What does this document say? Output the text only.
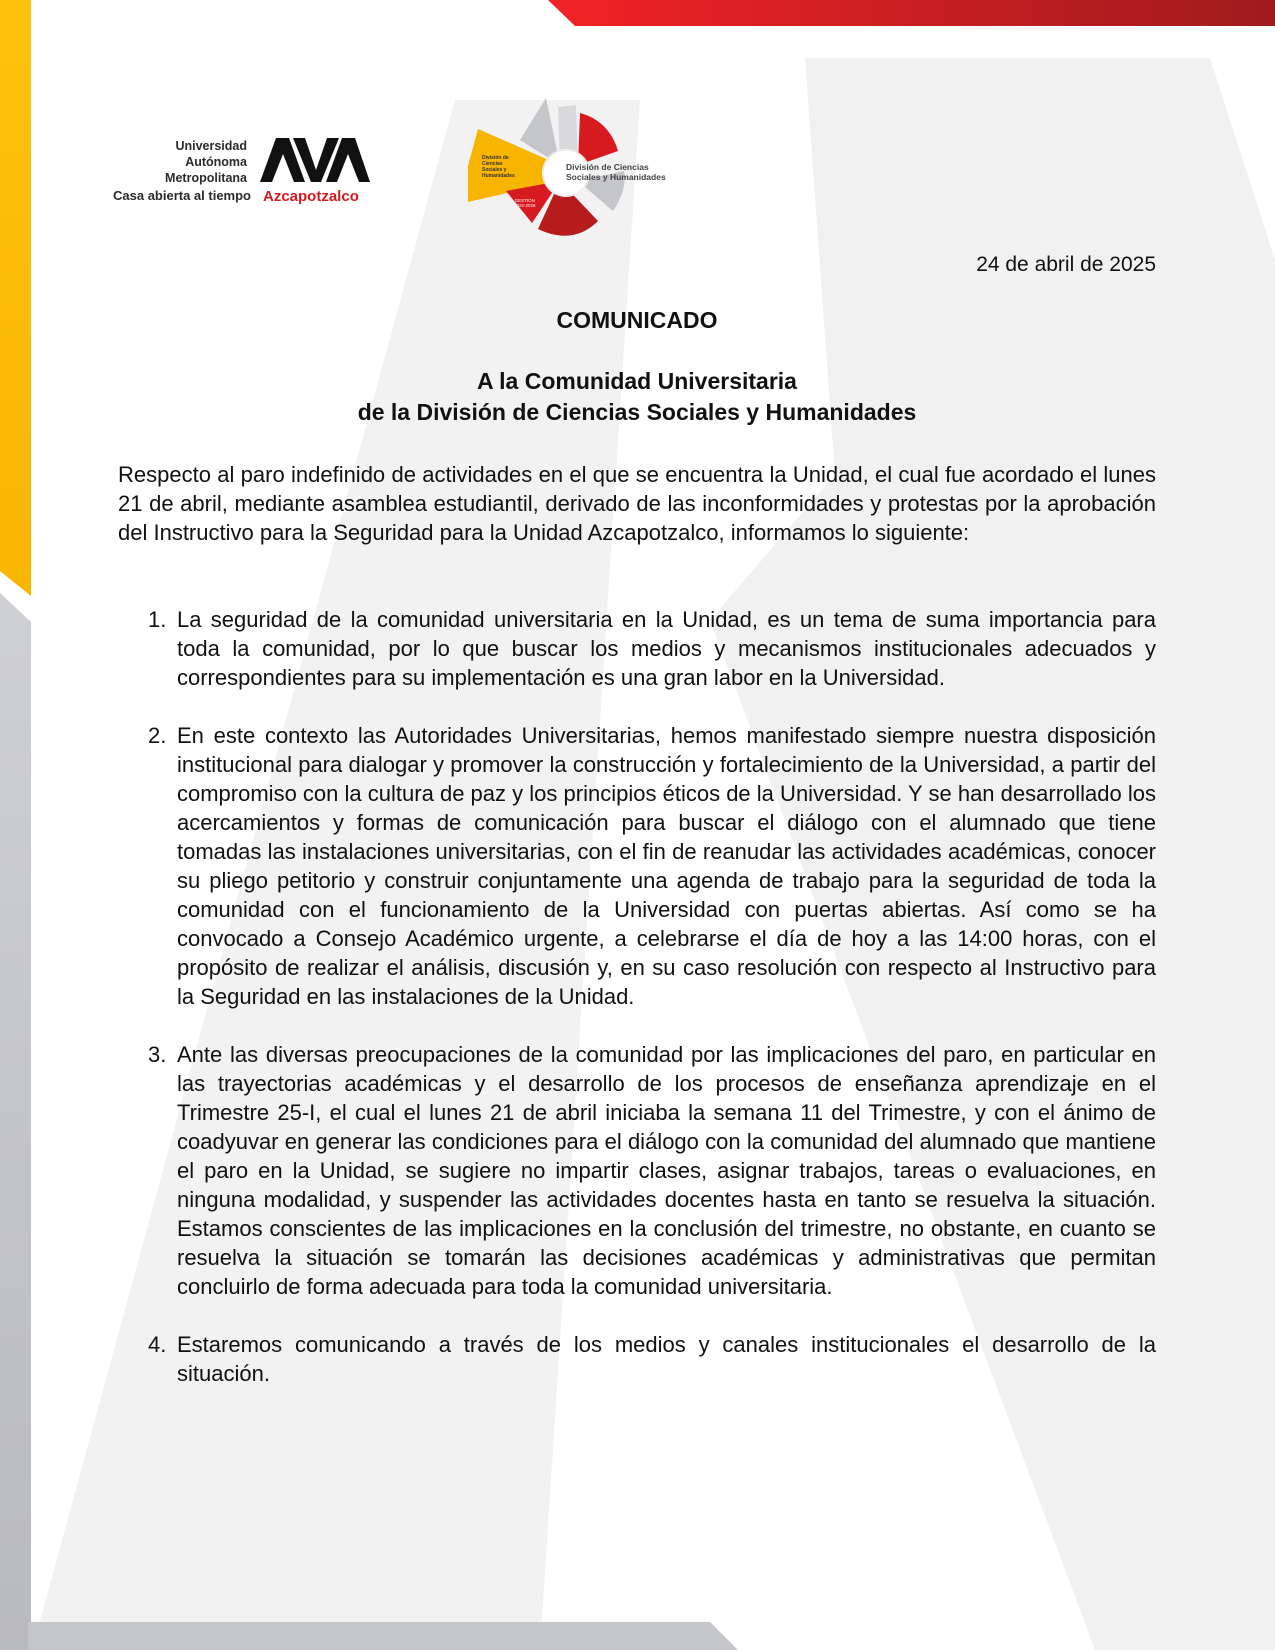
Universidad
Autónoma
Metropolitana
Casa abierta al tiempo Azcapotzalco
División de
Ciencias
Sociales y
Humanidades
GESTIÓN
2022-2026
División de Ciencias
Sociales y Humanidades
24 de abril de 2025
COMUNICADO
A la Comunidad Universitaria
de la División de Ciencias Sociales y Humanidades

Respecto al paro indefinido de actividades en el que se encuentra la Unidad, el cual fue acordado el lunes 21 de abril, mediante asamblea estudiantil, derivado de las inconformidades y protestas por la aprobación del Instructivo para la Seguridad para la Unidad Azcapotzalco, informamos lo siguiente:

1. La seguridad de la comunidad universitaria en la Unidad, es un tema de suma importancia para toda la comunidad, por lo que buscar los medios y mecanismos institucionales adecuados y correspondientes para su implementación es una gran labor en la Universidad.
2. En este contexto las Autoridades Universitarias, hemos manifestado siempre nuestra disposición institucional para dialogar y promover la construcción y fortalecimiento de la Universidad, a partir del compromiso con la cultura de paz y los principios éticos de la Universidad. Y se han desarrollado los acercamientos y formas de comunicación para buscar el diálogo con el alumnado que tiene tomadas las instalaciones universitarias, con el fin de reanudar las actividades académicas, conocer su pliego petitorio y construir conjuntamente una agenda de trabajo para la seguridad de toda la comunidad con el funcionamiento de la Universidad con puertas abiertas. Así como se ha convocado a Consejo Académico urgente, a celebrarse el día de hoy a las 14:00 horas, con el propósito de realizar el análisis, discusión y, en su caso resolución con respecto al Instructivo para la Seguridad en las instalaciones de la Unidad.
3. Ante las diversas preocupaciones de la comunidad por las implicaciones del paro, en particular en las trayectorias académicas y el desarrollo de los procesos de enseñanza aprendizaje en el Trimestre 25-I, el cual el lunes 21 de abril iniciaba la semana 11 del Trimestre, y con el ánimo de coadyuvar en generar las condiciones para el diálogo con la comunidad del alumnado que mantiene el paro en la Unidad, se sugiere no impartir clases, asignar trabajos, tareas o evaluaciones, en ninguna modalidad, y suspender las actividades docentes hasta en tanto se resuelva la situación. Estamos conscientes de las implicaciones en la conclusión del trimestre, no obstante, en cuanto se resuelva la situación se tomarán las decisiones académicas y administrativas que permitan concluirlo de forma adecuada para toda la comunidad universitaria.
4. Estaremos comunicando a través de los medios y canales institucionales el desarrollo de la situación.
